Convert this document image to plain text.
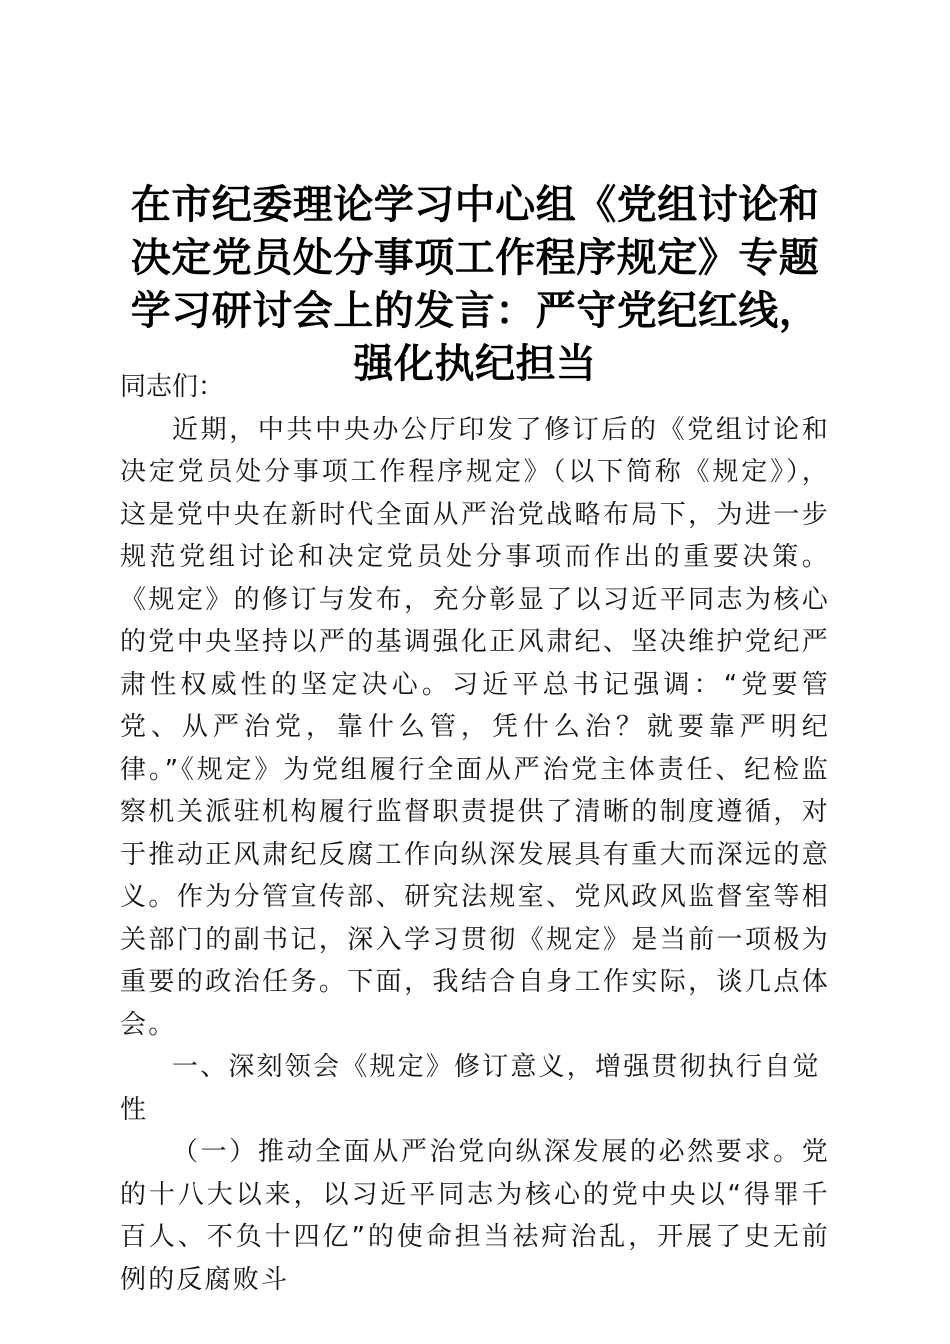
在市纪委理论学习中心组《党组讨论和决定党员处分事项工作程序规定》专题学习研讨会上的发言：严守党纪红线，强化执纪担当

同志们：

近期，中共中央办公厅印发了修订后的《党组讨论和决定党员处分事项工作程序规定》（以下简称《规定》），这是党中央在新时代全面从严治党战略布局下，为进一步规范党组讨论和决定党员处分事项而作出的重要决策。《规定》的修订与发布，充分彰显了以习近平同志为核心的党中央坚持以严的基调强化正风肃纪、坚决维护党纪严肃性权威性的坚定决心。习近平总书记强调：“党要管党、从严治党，靠什么管，凭什么治？就要靠严明纪律。”《规定》为党组履行全面从严治党主体责任、纪检监察机关派驻机构履行监督职责提供了清晰的制度遵循，对于推动正风肃纪反腐工作向纵深发展具有重大而深远的意义。作为分管宣传部、研究法规室、党风政风监督室等相关部门的副书记，深入学习贯彻《规定》是当前一项极为重要的政治任务。下面，我结合自身工作实际，谈几点体会。

一、深刻领会《规定》修订意义，增强贯彻执行自觉性

（一）推动全面从严治党向纵深发展的必然要求。党的十八大以来，以习近平同志为核心的党中央以“得罪千百人、不负十四亿”的使命担当祛疴治乱，开展了史无前例的反腐败斗
